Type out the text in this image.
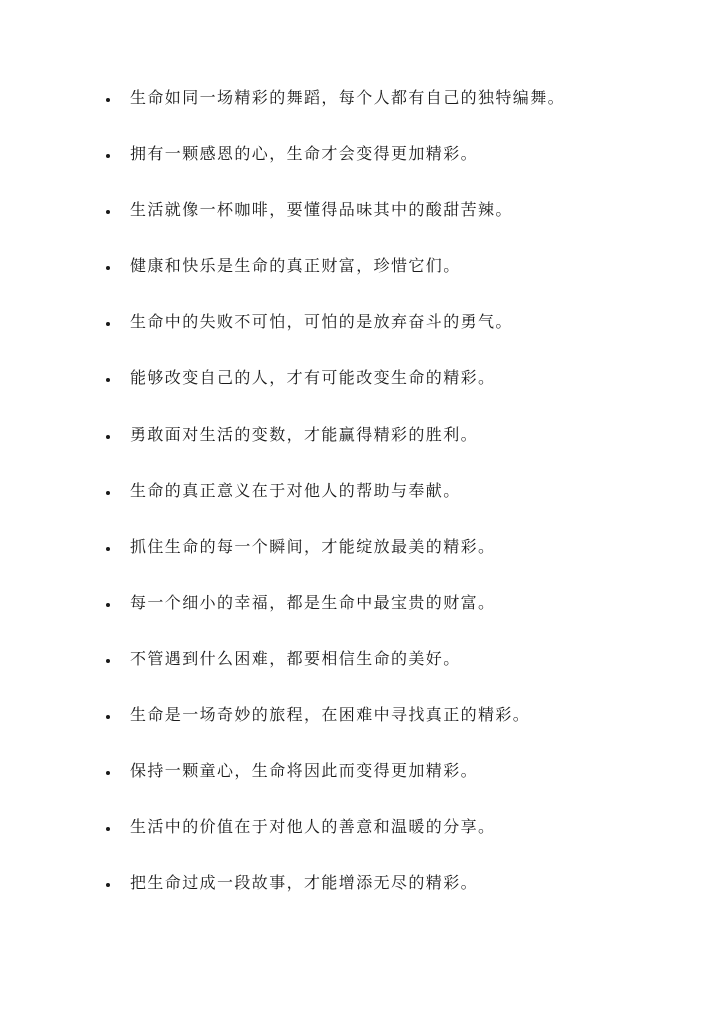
生命如同一场精彩的舞蹈，每个人都有自己的独特编舞。
拥有一颗感恩的心，生命才会变得更加精彩。
生活就像一杯咖啡，要懂得品味其中的酸甜苦辣。
健康和快乐是生命的真正财富，珍惜它们。
生命中的失败不可怕，可怕的是放弃奋斗的勇气。
能够改变自己的人，才有可能改变生命的精彩。
勇敢面对生活的变数，才能赢得精彩的胜利。
生命的真正意义在于对他人的帮助与奉献。
抓住生命的每一个瞬间，才能绽放最美的精彩。
每一个细小的幸福，都是生命中最宝贵的财富。
不管遇到什么困难，都要相信生命的美好。
生命是一场奇妙的旅程，在困难中寻找真正的精彩。
保持一颗童心，生命将因此而变得更加精彩。
生活中的价值在于对他人的善意和温暖的分享。
把生命过成一段故事，才能增添无尽的精彩。
